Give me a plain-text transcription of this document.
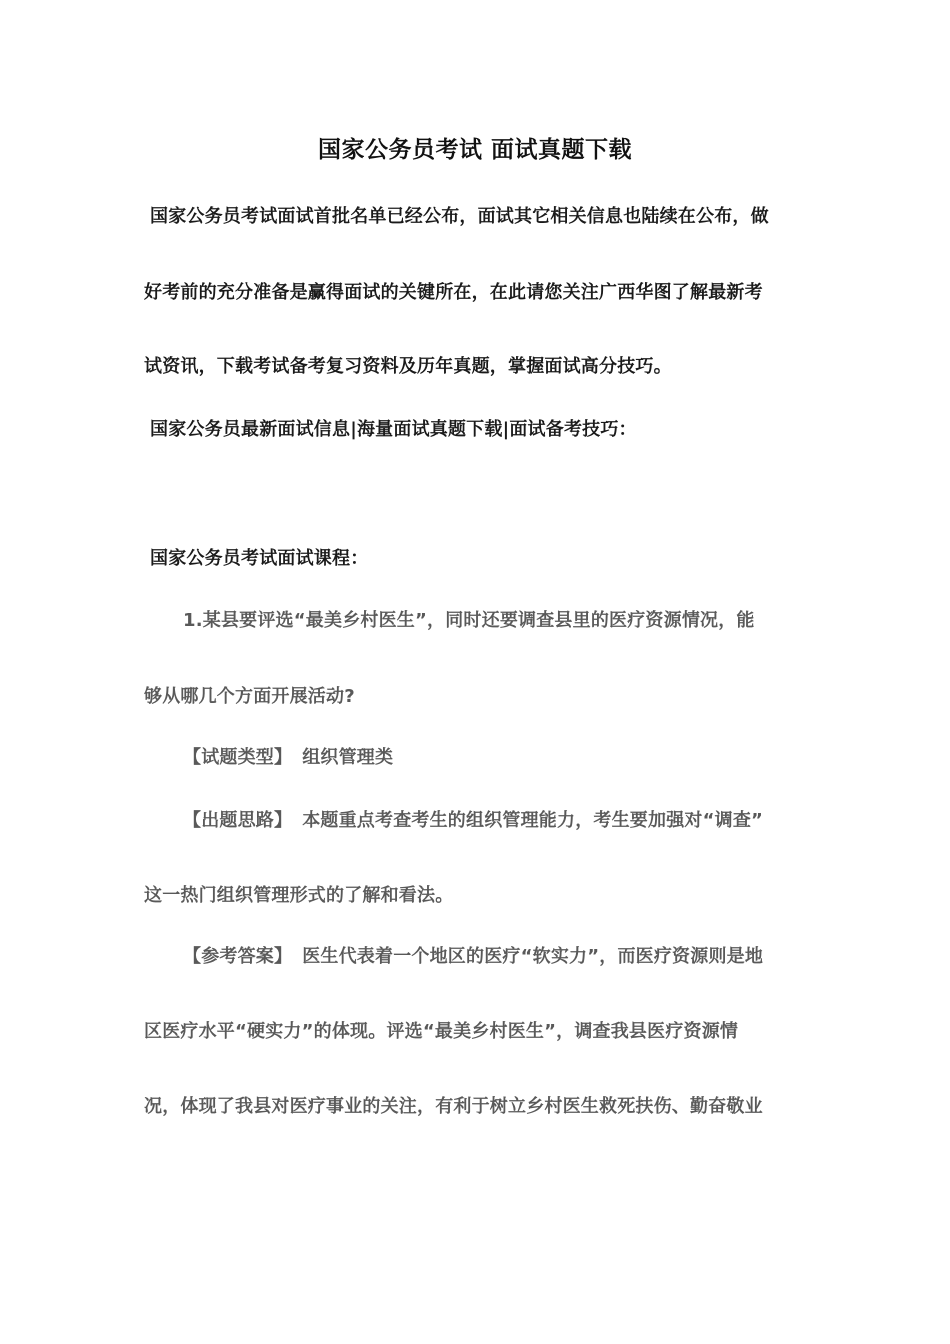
国家公务员考试 面试真题下载
国家公务员考试面试首批名单已经公布，面试其它相关信息也陆续在公布，做
好考前的充分准备是赢得面试的关键所在，在此请您关注广西华图了解最新考
试资讯，下载考试备考复习资料及历年真题，掌握面试高分技巧。
国家公务员最新面试信息|海量面试真题下载|面试备考技巧：
国家公务员考试面试课程：
1.某县要评选“最美乡村医生”，同时还要调查县里的医疗资源情况，能
够从哪几个方面开展活动?
【试题类型】 组织管理类
【出题思路】 本题重点考查考生的组织管理能力，考生要加强对“调查”
这一热门组织管理形式的了解和看法。
【参考答案】 医生代表着一个地区的医疗“软实力”，而医疗资源则是地
区医疗水平“硬实力”的体现。评选“最美乡村医生”，调查我县医疗资源情
况，体现了我县对医疗事业的关注，有利于树立乡村医生救死扶伤、勤奋敬业
